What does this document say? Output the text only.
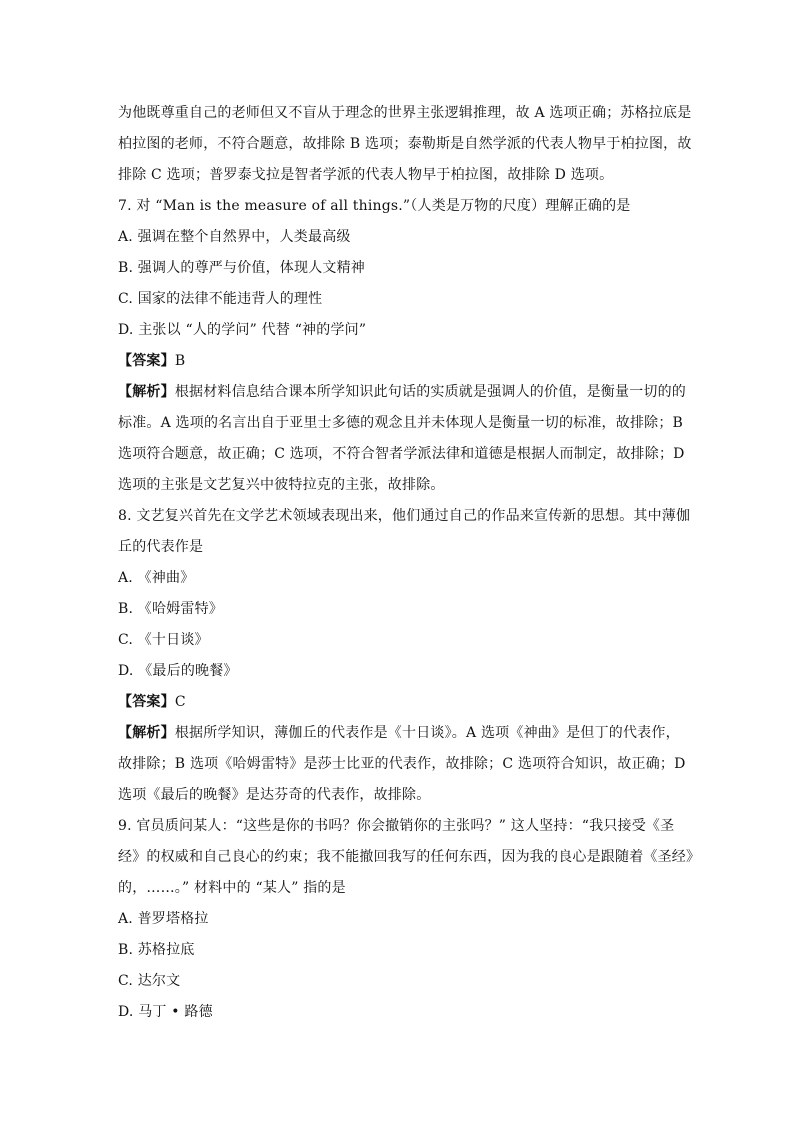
为他既尊重自己的老师但又不盲从于理念的世界主张逻辑推理，故 A 选项正确；苏格拉底是
柏拉图的老师，不符合题意，故排除 B 选项；泰勒斯是自然学派的代表人物早于柏拉图，故
排除 C 选项；普罗泰戈拉是智者学派的代表人物早于柏拉图，故排除 D 选项。
7. 对 “Man is the measure of all things.”（人类是万物的尺度）理解正确的是
A. 强调在整个自然界中，人类最高级
B. 强调人的尊严与价值，体现人文精神
C. 国家的法律不能违背人的理性
D. 主张以 “人的学问” 代替 “神的学问”
【答案】B
【解析】根据材料信息结合课本所学知识此句话的实质就是强调人的价值，是衡量一切的的
标准。A 选项的名言出自于亚里士多德的观念且并未体现人是衡量一切的标准，故排除；B
选项符合题意，故正确；C 选项，不符合智者学派法律和道德是根据人而制定，故排除；D
选项的主张是文艺复兴中彼特拉克的主张，故排除。
8. 文艺复兴首先在文学艺术领域表现出来，他们通过自己的作品来宣传新的思想。其中薄伽
丘的代表作是
A. 《神曲》
B. 《哈姆雷特》
C. 《十日谈》
D. 《最后的晚餐》
【答案】C
【解析】根据所学知识，薄伽丘的代表作是《十日谈》。A 选项《神曲》是但丁的代表作，
故排除；B 选项《哈姆雷特》是莎士比亚的代表作，故排除；C 选项符合知识，故正确；D
选项《最后的晚餐》是达芬奇的代表作，故排除。
9. 官员质问某人：“这些是你的书吗？你会撤销你的主张吗？” 这人坚持：“我只接受《圣
经》的权威和自己良心的约束；我不能撤回我写的任何东西，因为我的良心是跟随着《圣经》
的，……。” 材料中的 “某人” 指的是
A. 普罗塔格拉
B. 苏格拉底
C. 达尔文
D. 马丁 • 路德
